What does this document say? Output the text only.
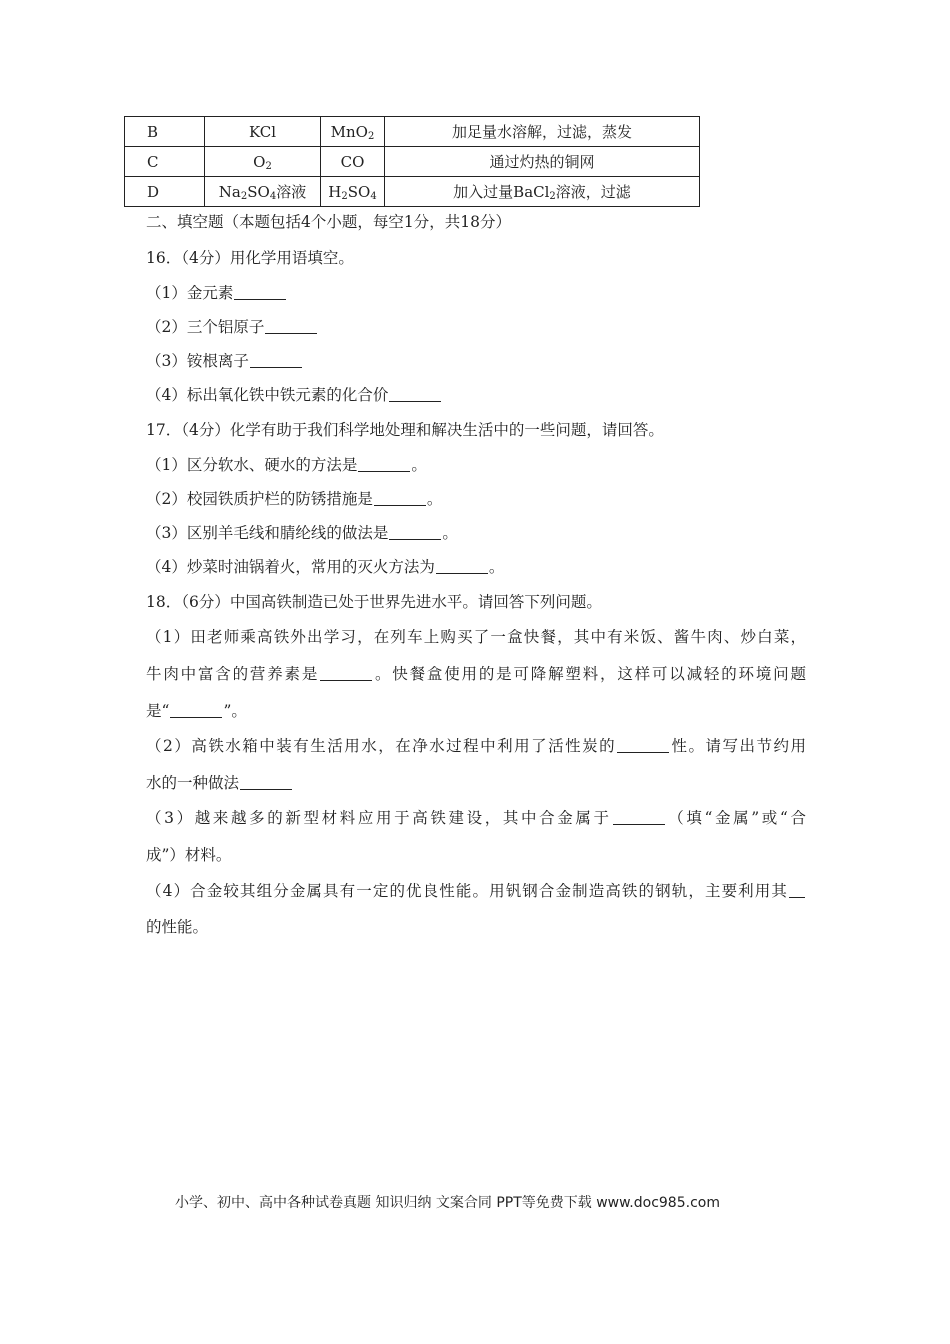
B	KCl	MnO$_2$	加足量水溶解，过滤，蒸发
C	$O_2$	CO	通过灼热的铜网
D	$Na_2SO_4$溶液	$H_2SO_4$	加入过量BaCl$_2$溶液，过滤
二、填空题（本题包括4个小题，每空1分，共18分）
16．（4分）用化学用语填空。
（1）金元素
（2）三个铝原子
（3）铵根离子
（4）标出氧化铁中铁元素的化合价
17．（4分）化学有助于我们科学地处理和解决生活中的一些问题，请回答。
（1）区分软水、硬水的方法是	。
（2）校园铁质护栏的防锈措施是	。
（3）区别羊毛线和腈纶线的做法是	。
（4）炒菜时油锅着火，常用的灭火方法为	。
18．（6分）中国高铁制造已处于世界先进水平。请回答下列问题。
（1）田老师乘高铁外出学习，在列车上购买了一盒快餐，其中有米饭、酱牛肉、炒白菜，
牛肉中富含的营养素是	。快餐盒使用的是可降解塑料，这样可以减轻的环境问题
是“	”。
（2）高铁水箱中装有生活用水，在净水过程中利用了活性炭的	性。请写出节约用
水的一种做法
（3）越来越多的新型材料应用于高铁建设，其中合金属于	（填“金属”或“合
成”）材料。
（4）合金较其组分金属具有一定的优良性能。用钒钢合金制造高铁的钢轨，主要利用其
的性能。
小学、初中、高中各种试卷真题 知识归纳 文案合同 PPT等免费下载 www.doc985.com
